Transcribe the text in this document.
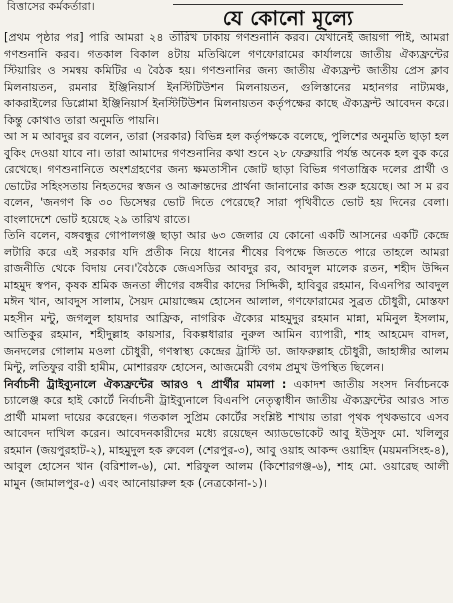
বিত্তাসের কর্মকর্তারা।	যে কোনো মূল্যে

[প্রথম পৃষ্ঠার পর] পারি আমরা ২৪ তারিখ ঢাকায় গণশুনানি করব। যেখানেই জায়গা পাই, আমরা গণশুনানি করব। গতকাল বিকাল ৪টায় মতিঝিলে গণফোরামের কার্যালয়ে জাতীয় ঐক্যফ্রন্টের স্টিয়ারিং ও সমন্বয় কমিটির এ বৈঠক হয়। গণশুনানির জন্য জাতীয় ঐক্যফ্রন্ট জাতীয় প্রেস ক্লাব মিলনায়তন, রমনার ইঞ্জিনিয়ার্স ইনস্টিটিউশন মিলনায়তন, গুলিস্তানের মহানগর নাট্যমঞ্চ, কাকরাইলের ডিপ্লোমা ইঞ্জিনিয়ার্স ইনস্টিটিউশন মিলনায়তন কর্তৃপক্ষের কাছে ঐক্যফ্রন্ট আবেদন করে। কিন্তু কোথাও তারা অনুমতি পায়নি।

আ স ম আবদুর রব বলেন, তারা (সরকার) বিভিন্ন হল কর্তৃপক্ষকে বলেছে, পুলিশের অনুমতি ছাড়া হল বুকিং দেওয়া যাবে না। তারা আমাদের গণশুনানির কথা শুনে ২৮ ফেব্রুয়ারি পর্যন্ত অনেক হল বুক করে রেখেছে। গণশুনানিতে অংশগ্রহণের জন্য ক্ষমতাসীন জোট ছাড়া বিভিন্ন গণতান্ত্রিক দলের প্রার্থী ও ভোটের সহিংসতায় নিহতদের স্বজন ও আক্রান্তদের প্রার্থনা জানানোর কাজ শুরু হয়েছে। আ স ম রব বলেন, 'জনগণ কি ৩০ ডিসেম্বর ভোট দিতে পেরেছে? সারা পৃথিবীতে ভোট হয় দিনের বেলা। বাংলাদেশে ভোট হয়েছে ২৯ তারিখ রাতে।

তিনি বলেন, বঙ্গবন্ধুর গোপালগঞ্জ ছাড়া আর ৬৩ জেলার যে কোনো একটি আসনের একটি কেন্দ্রে লটারি করে এই সরকার যদি প্রতীক নিয়ে ধানের শীষের বিপক্ষে জিততে পারে তাহলে আমরা রাজনীতি থেকে বিদায় নেব।'বৈঠকে জেএসডির আবদুর রব, আবদুল মালেক রতন, শহীদ উদ্দিন মাহমুদ স্বপন, কৃষক শ্রমিক জনতা লীগের বঙ্গবীর কাদের সিদ্দিকী, হাবিবুর রহমান, বিএনপির আবদুল মঈন খান, আবদুস সালাম, সৈয়দ মোয়াজ্জেম হোসেন আলাল, গণফোরামের সুব্রত চৌধুরী, মোস্তফা মহসীন মন্টু, জগলুল হায়দার আফ্রিক, নাগরিক ঐক্যের মাহমুদুর রহমান মান্না, মমিনুল ইসলাম, আতিকুর রহমান, শহীদুল্লাহ কায়সার, বিকল্পধারার নুরুল আমিন ব্যাপারী, শাহ আহমেদ বাদল, জনদলের গোলাম মওলা চৌধুরী, গণস্বাস্থ্য কেন্দ্রের ট্রাস্টি ডা. জাফরুল্লাহ চৌধুরী, জাহাঙ্গীর আলম মিন্টু, লতিফুর বারী হামীম, মোশাররফ হোসেন, আজমেরী বেগম প্রমুখ উপস্থিত ছিলেন।

নির্বাচনী ট্রাইব্যুনালে ঐক্যফ্রন্টের আরও ৭ প্রার্থীর মামলা : একাদশ জাতীয় সংসদ নির্বাচনকে চ্যালেঞ্জ করে হাই কোর্টে নির্বাচনী ট্রাইব্যুনালে বিএনপি নেতৃত্বাধীন জাতীয় ঐক্যফ্রন্টের আরও সাত প্রার্থী মামলা দায়ের করেছেন। গতকাল সুপ্রিম কোর্টের সংশ্লিষ্ট শাখায় তারা পৃথক পৃথকভাবে এসব আবেদন দাখিল করেন। আবেদনকারীদের মধ্যে রয়েছেন অ্যাডভোকেট আবু ইউসুফ মো. খলিলুর রহমান (জয়পুরহাট-২), মাহমুদুল হক রুবেল (শেরপুর-৩), আবু ওয়াহ আকন্দ ওয়াহিদ (ময়মনসিংহ-৪), আবুল হোসেন খান (বরিশাল-৬), মো. শরিফুল আলম (কিশোরগঞ্জ-৬), শাহ মো. ওয়ারেছ আলী মামুন (জামালপুর-৫) এবং আনোয়ারুল হক (নেত্রকোনা-১)।
